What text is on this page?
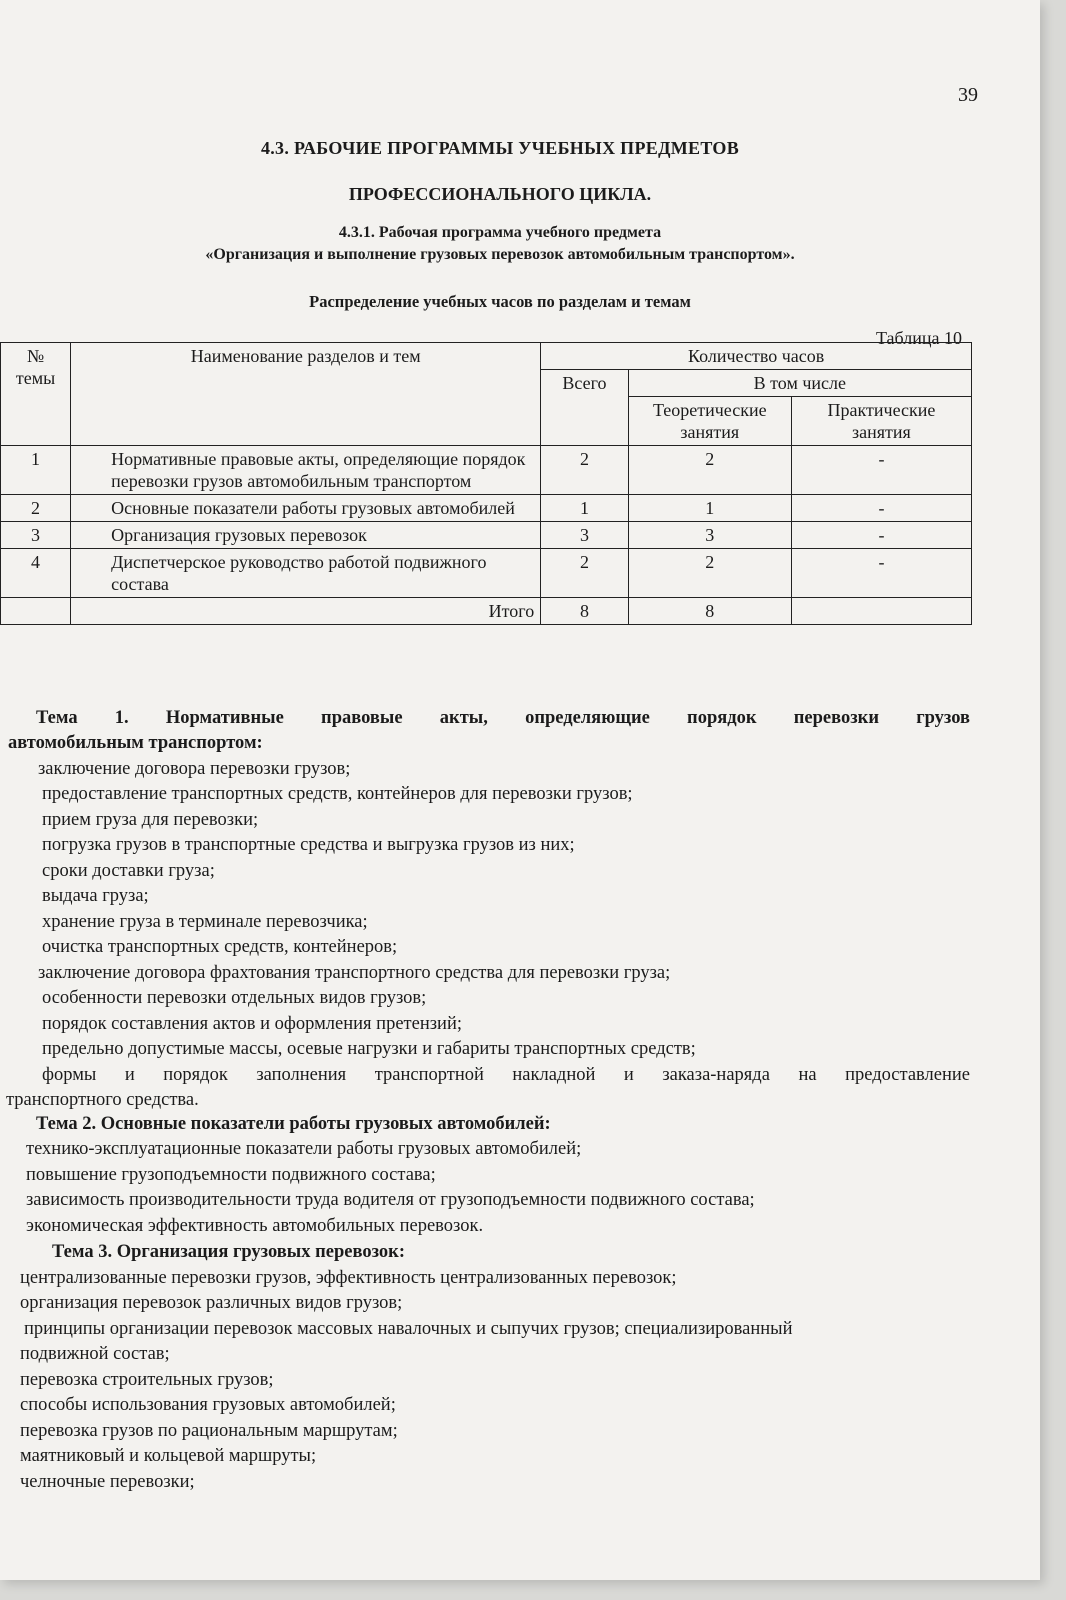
39
4.3. РАБОЧИЕ ПРОГРАММЫ УЧЕБНЫХ ПРЕДМЕТОВ
ПРОФЕССИОНАЛЬНОГО ЦИКЛА.
4.3.1. Рабочая программа учебного предмета
«Организация и выполнение грузовых перевозок автомобильным транспортом».
Распределение учебных часов по разделам и темам
Таблица 10
№ темы	Наименование разделов и тем	Количество часов		
		Всего	В том числе	
			Теоретические занятия	Практические занятия
1	Нормативные правовые акты, определяющие порядок перевозки грузов автомобильным транспортом	2	2	-
2	Основные показатели работы грузовых автомобилей	1	1	-
3	Организация грузовых перевозок	3	3	-
4	Диспетчерское руководство работой подвижного состава	2	2	-
	Итого	8	8	
Тема 1. Нормативные правовые акты, определяющие порядок перевозки грузов
автомобильным транспортом:
заключение договора перевозки грузов;
предоставление транспортных средств, контейнеров для перевозки грузов;
прием груза для перевозки;
погрузка грузов в транспортные средства и выгрузка грузов из них;
сроки доставки груза;
выдача груза;
хранение груза в терминале перевозчика;
очистка транспортных средств, контейнеров;
заключение договора фрахтования транспортного средства для перевозки груза;
особенности перевозки отдельных видов грузов;
порядок составления актов и оформления претензий;
предельно допустимые массы, осевые нагрузки и габариты транспортных средств;
формы и порядок заполнения транспортной накладной и заказа-наряда на предоставление
транспортного средства.
Тема 2. Основные показатели работы грузовых автомобилей:
технико-эксплуатационные показатели работы грузовых автомобилей;
повышение грузоподъемности подвижного состава;
зависимость производительности труда водителя от грузоподъемности подвижного состава;
экономическая эффективность автомобильных перевозок.
Тема 3. Организация грузовых перевозок:
централизованные перевозки грузов, эффективность централизованных перевозок;
организация перевозок различных видов грузов;
принципы организации перевозок массовых навалочных и сыпучих грузов; специализированный
подвижной состав;
перевозка строительных грузов;
способы использования грузовых автомобилей;
перевозка грузов по рациональным маршрутам;
маятниковый и кольцевой маршруты;
челночные перевозки;
